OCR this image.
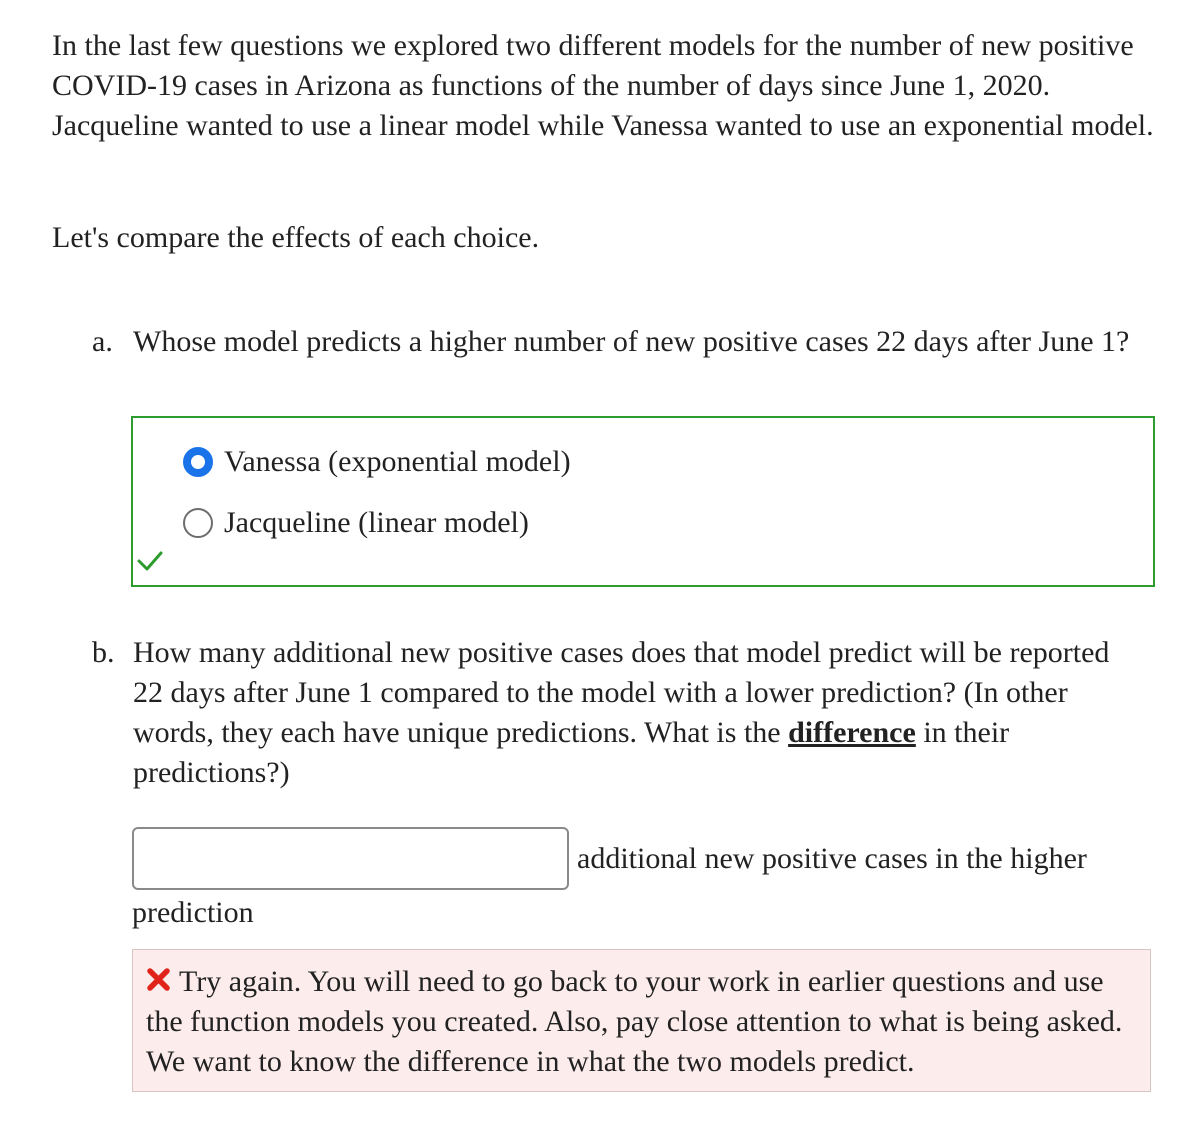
In the last few questions we explored two different models for the number of new positive COVID-19 cases in Arizona as functions of the number of days since June 1, 2020. Jacqueline wanted to use a linear model while Vanessa wanted to use an exponential model.

Let's compare the effects of each choice.

a. Whose model predicts a higher number of new positive cases 22 days after June 1?

Vanessa (exponential model)
Jacqueline (linear model)
b. How many additional new positive cases does that model predict will be reported 22 days after June 1 compared to the model with a lower prediction? (In other words, they each have unique predictions. What is the difference in their predictions?)

additional new positive cases in the higher

prediction

Try again. You will need to go back to your work in earlier questions and use the function models you created. Also, pay close attention to what is being asked. We want to know the difference in what the two models predict.
